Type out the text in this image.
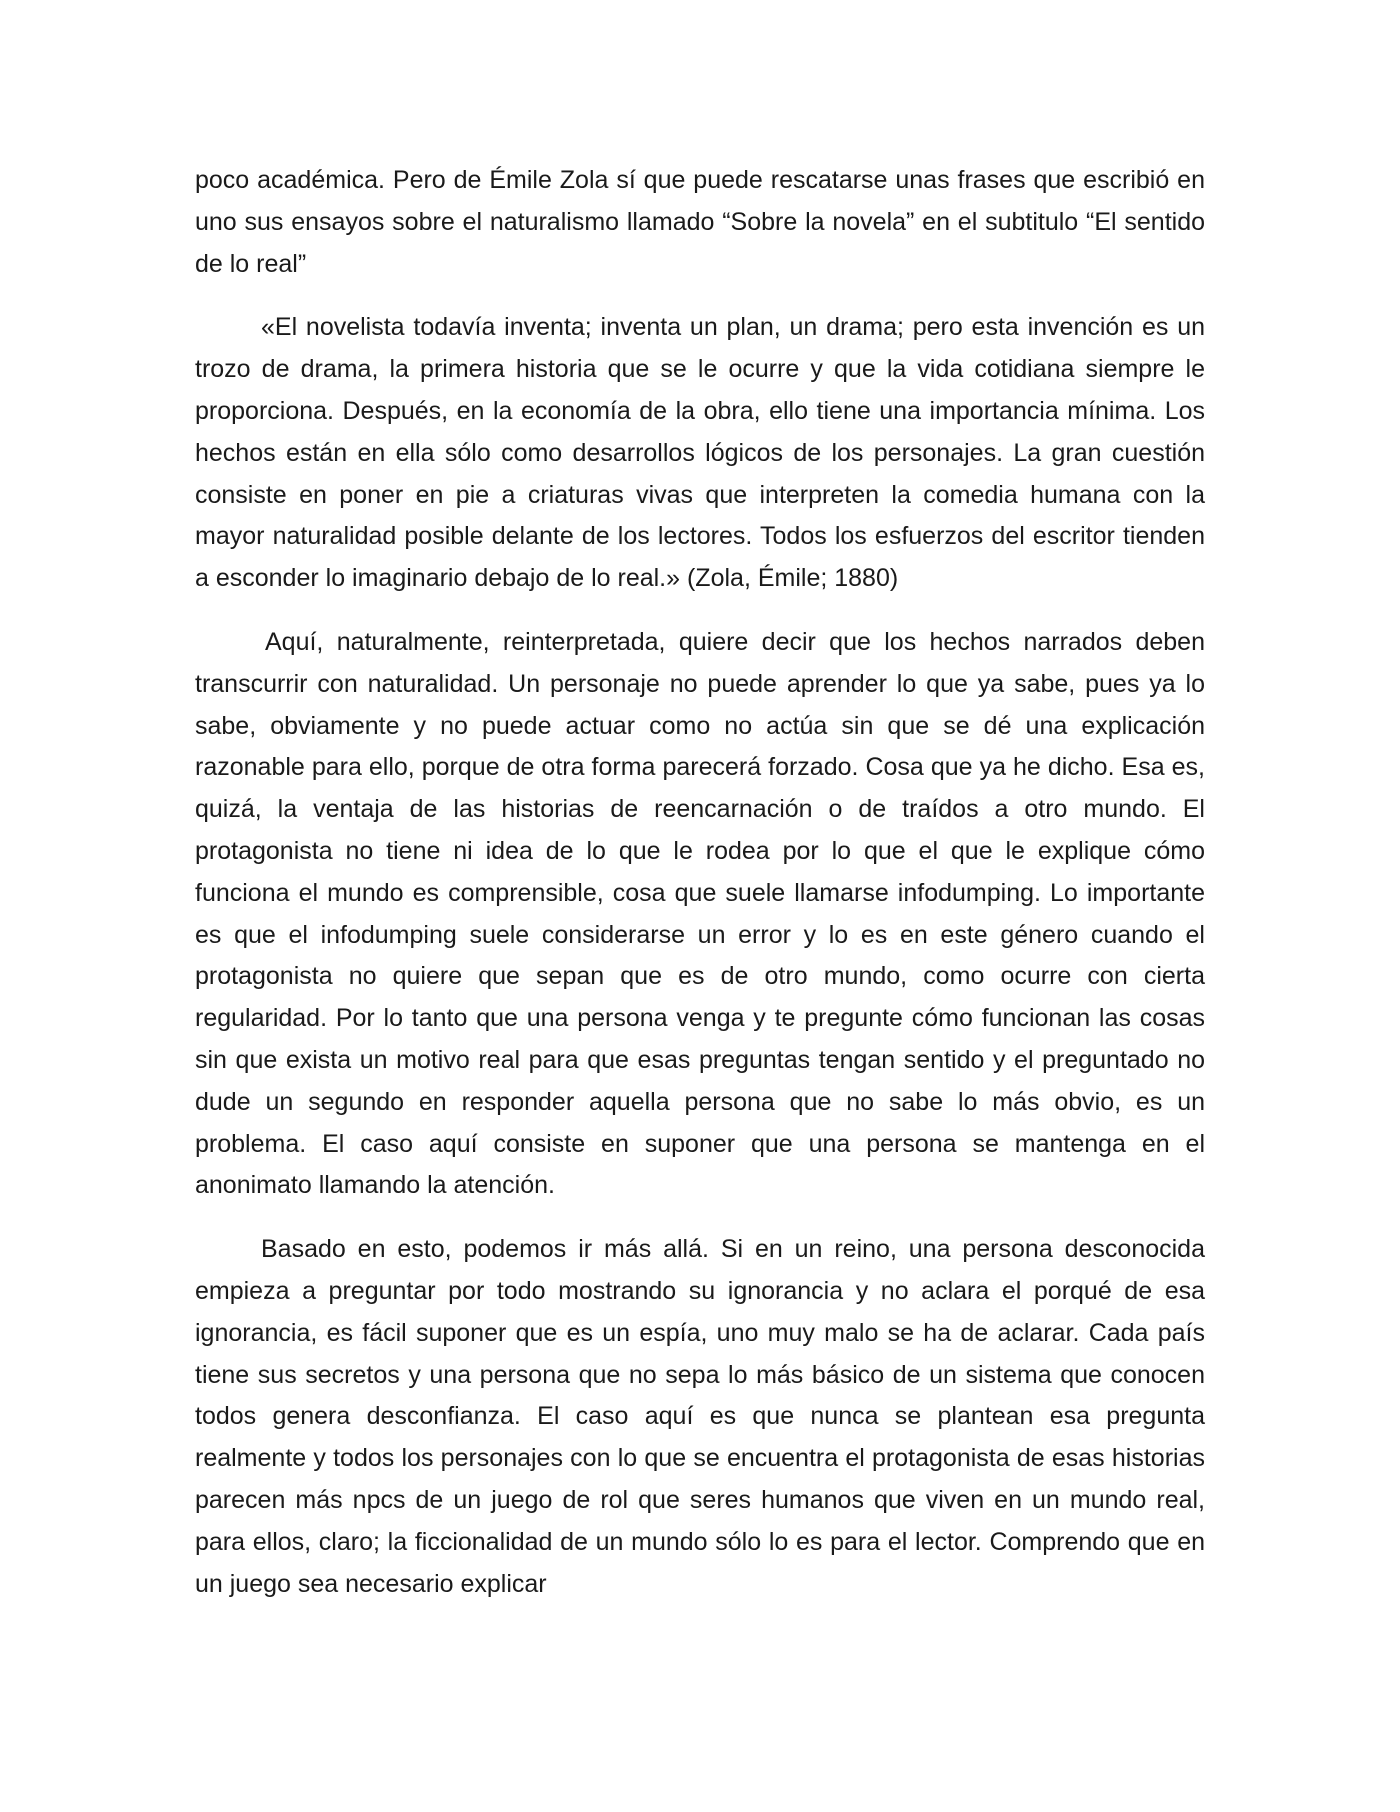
poco académica. Pero de Émile Zola sí que puede rescatarse unas frases que escribió en uno sus ensayos sobre el naturalismo llamado “Sobre la novela” en el subtitulo “El sentido de lo real”

«El novelista todavía inventa; inventa un plan, un drama; pero esta invención es un trozo de drama, la primera historia que se le ocurre y que la vida cotidiana siempre le proporciona. Después, en la economía de la obra, ello tiene una importancia mínima. Los hechos están en ella sólo como desarrollos lógicos de los personajes. La gran cuestión consiste en poner en pie a criaturas vivas que interpreten la comedia humana con la mayor naturalidad posible delante de los lectores. Todos los esfuerzos del escritor tienden a esconder lo imaginario debajo de lo real.» (Zola, Émile; 1880)

Aquí, naturalmente, reinterpretada, quiere decir que los hechos narrados deben transcurrir con naturalidad. Un personaje no puede aprender lo que ya sabe, pues ya lo sabe, obviamente y no puede actuar como no actúa sin que se dé una explicación razonable para ello, porque de otra forma parecerá forzado. Cosa que ya he dicho. Esa es, quizá, la ventaja de las historias de reencarnación o de traídos a otro mundo. El protagonista no tiene ni idea de lo que le rodea por lo que el que le explique cómo funciona el mundo es comprensible, cosa que suele llamarse infodumping. Lo importante es que el infodumping suele considerarse un error y lo es en este género cuando el protagonista no quiere que sepan que es de otro mundo, como ocurre con cierta regularidad. Por lo tanto que una persona venga y te pregunte cómo funcionan las cosas sin que exista un motivo real para que esas preguntas tengan sentido y el preguntado no dude un segundo en responder aquella persona que no sabe lo más obvio, es un problema. El caso aquí consiste en suponer que una persona se mantenga en el anonimato llamando la atención.

Basado en esto, podemos ir más allá. Si en un reino, una persona desconocida empieza a preguntar por todo mostrando su ignorancia y no aclara el porqué de esa ignorancia, es fácil suponer que es un espía, uno muy malo se ha de aclarar. Cada país tiene sus secretos y una persona que no sepa lo más básico de un sistema que conocen todos genera desconfianza. El caso aquí es que nunca se plantean esa pregunta realmente y todos los personajes con lo que se encuentra el protagonista de esas historias parecen más npcs de un juego de rol que seres humanos que viven en un mundo real, para ellos, claro; la ficcionalidad de un mundo sólo lo es para el lector. Comprendo que en un juego sea necesario explicar
